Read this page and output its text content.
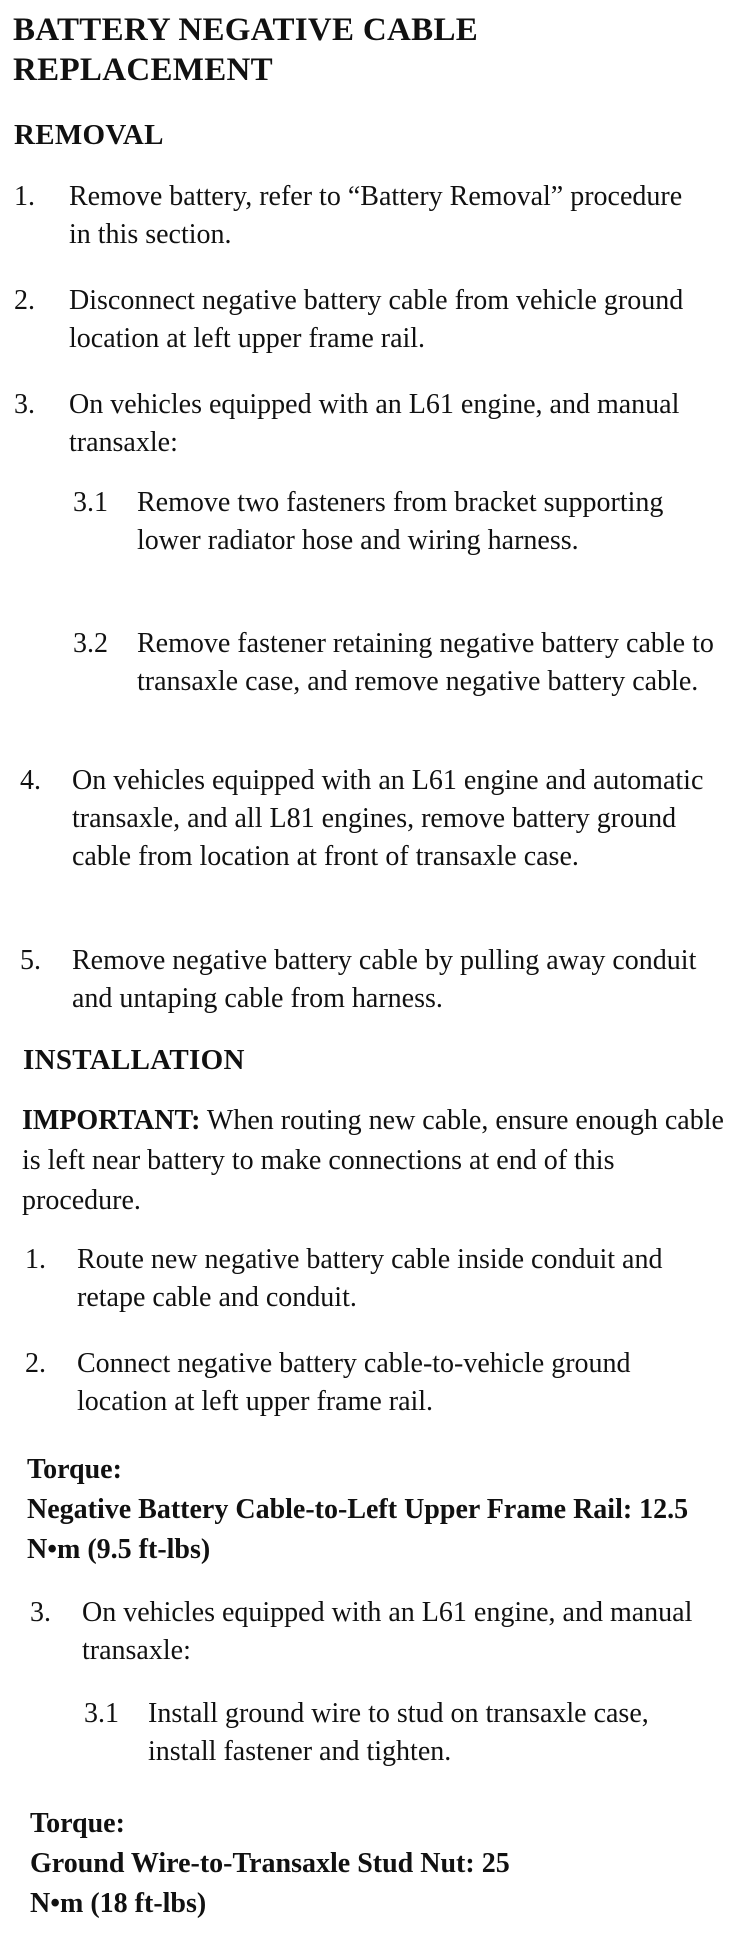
BATTERY NEGATIVE CABLE REPLACEMENT
REMOVAL
1. Remove battery, refer to “Battery Removal” procedure in this section.
2. Disconnect negative battery cable from vehicle ground location at left upper frame rail.
3. On vehicles equipped with an L61 engine, and manual transaxle:
3.1 Remove two fasteners from bracket supporting lower radiator hose and wiring harness.
3.2 Remove fastener retaining negative battery cable to transaxle case, and remove negative battery cable.
4. On vehicles equipped with an L61 engine and automatic transaxle, and all L81 engines, remove battery ground cable from location at front of transaxle case.
5. Remove negative battery cable by pulling away conduit and untaping cable from harness.
INSTALLATION
IMPORTANT: When routing new cable, ensure enough cable is left near battery to make connections at end of this procedure.
1. Route new negative battery cable inside conduit and retape cable and conduit.
2. Connect negative battery cable-to-vehicle ground location at left upper frame rail.
Torque:
Negative Battery Cable-to-Left Upper Frame Rail: 12.5 N•m (9.5 ft-lbs)
3. On vehicles equipped with an L61 engine, and manual transaxle:
3.1 Install ground wire to stud on transaxle case, install fastener and tighten.
Torque:
Ground Wire-to-Transaxle Stud Nut: 25 N•m (18 ft-lbs)
